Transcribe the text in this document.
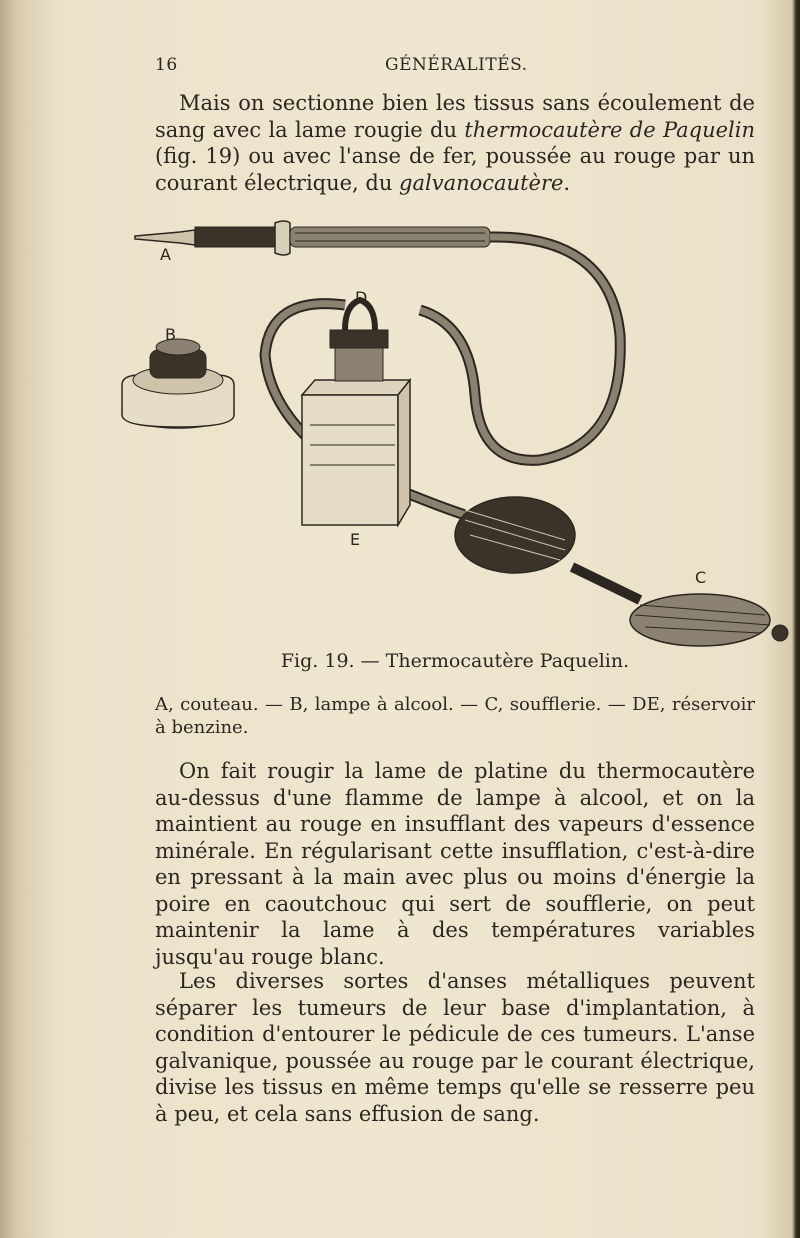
16	GÉNÉRALITÉS.

Mais on sectionne bien les tissus sans écoulement de sang avec la lame rougie du thermocautère de Paquelin (fig. 19) ou avec l'anse de fer, poussée au rouge par un courant électrique, du galvanocautère.

A
B
D
E
C
Fig. 19. — Thermocautère Paquelin.

A, couteau. — B, lampe à alcool. — C, soufflerie. — DE, réservoir à benzine.

On fait rougir la lame de platine du thermocautère au-dessus d'une flamme de lampe à alcool, et on la maintient au rouge en insufflant des vapeurs d'essence minérale. En régularisant cette insufflation, c'est-à-dire en pressant à la main avec plus ou moins d'énergie la poire en caoutchouc qui sert de soufflerie, on peut maintenir la lame à des températures variables jusqu'au rouge blanc.

Les diverses sortes d'anses métalliques peuvent séparer les tumeurs de leur base d'implantation, à condition d'entourer le pédicule de ces tumeurs. L'anse galvanique, poussée au rouge par le courant électrique, divise les tissus en même temps qu'elle se resserre peu à peu, et cela sans effusion de sang.
